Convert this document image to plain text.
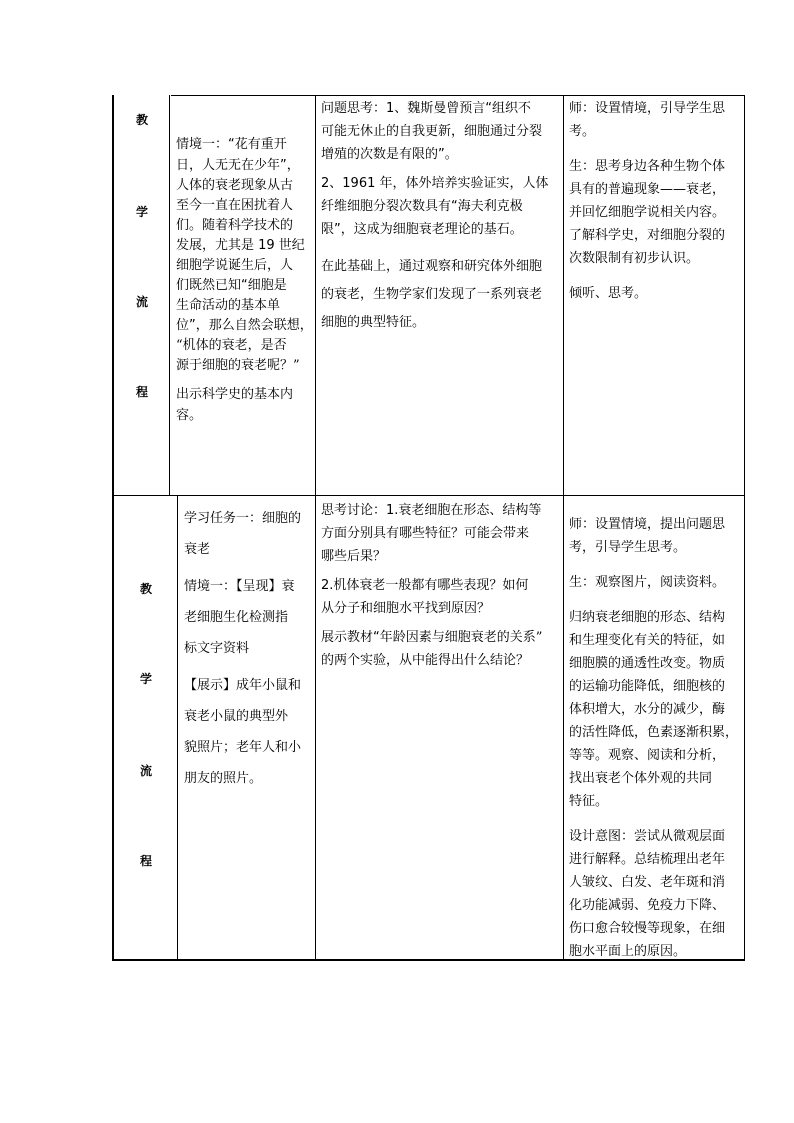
教
学
流
程

情境一：“花有重开

日，人无无在少年”，

人体的衰老现象从古

至今一直在困扰着人

们。随着科学技术的

发展，尤其是 19 世纪

细胞学说诞生后，人

们既然已知“细胞是

生命活动的基本单

位”，那么自然会联想，

“机体的衰老，是否

源于细胞的衰老呢？”

出示科学史的基本内

容。

问题思考：1、魏斯曼曾预言“组织不

可能无休止的自我更新，细胞通过分裂

增殖的次数是有限的”。

2、1961 年，体外培养实验证实，人体

纤维细胞分裂次数具有“海夫利克极

限”，这成为细胞衰老理论的基石。

在此基础上，通过观察和研究体外细胞

的衰老，生物学家们发现了一系列衰老

细胞的典型特征。

师：设置情境，引导学生思

考。

生：思考身边各种生物个体

具有的普遍现象——衰老，

并回忆细胞学说相关内容。

了解科学史，对细胞分裂的

次数限制有初步认识。

倾听、思考。

教
学
流
程

学习任务一：细胞的

衰老

情境一：【呈现】衰

老细胞生化检测指

标文字资料

【展示】成年小鼠和

衰老小鼠的典型外

貌照片；老年人和小

朋友的照片。

思考讨论：1.衰老细胞在形态、结构等

方面分别具有哪些特征？可能会带来

哪些后果？

2.机体衰老一般都有哪些表现？如何

从分子和细胞水平找到原因？

展示教材“年龄因素与细胞衰老的关系”

的两个实验，从中能得出什么结论？

师：设置情境，提出问题思

考，引导学生思考。

生：观察图片，阅读资料。

归纳衰老细胞的形态、结构

和生理变化有关的特征，如

细胞膜的通透性改变。物质

的运输功能降低，细胞核的

体积增大，水分的减少，酶

的活性降低，色素逐渐积累，

等等。观察、阅读和分析，

找出衰老个体外观的共同

特征。

设计意图：尝试从微观层面

进行解释。总结梳理出老年

人皱纹、白发、老年斑和消

化功能减弱、免疫力下降、

伤口愈合较慢等现象，在细

胞水平面上的原因。
